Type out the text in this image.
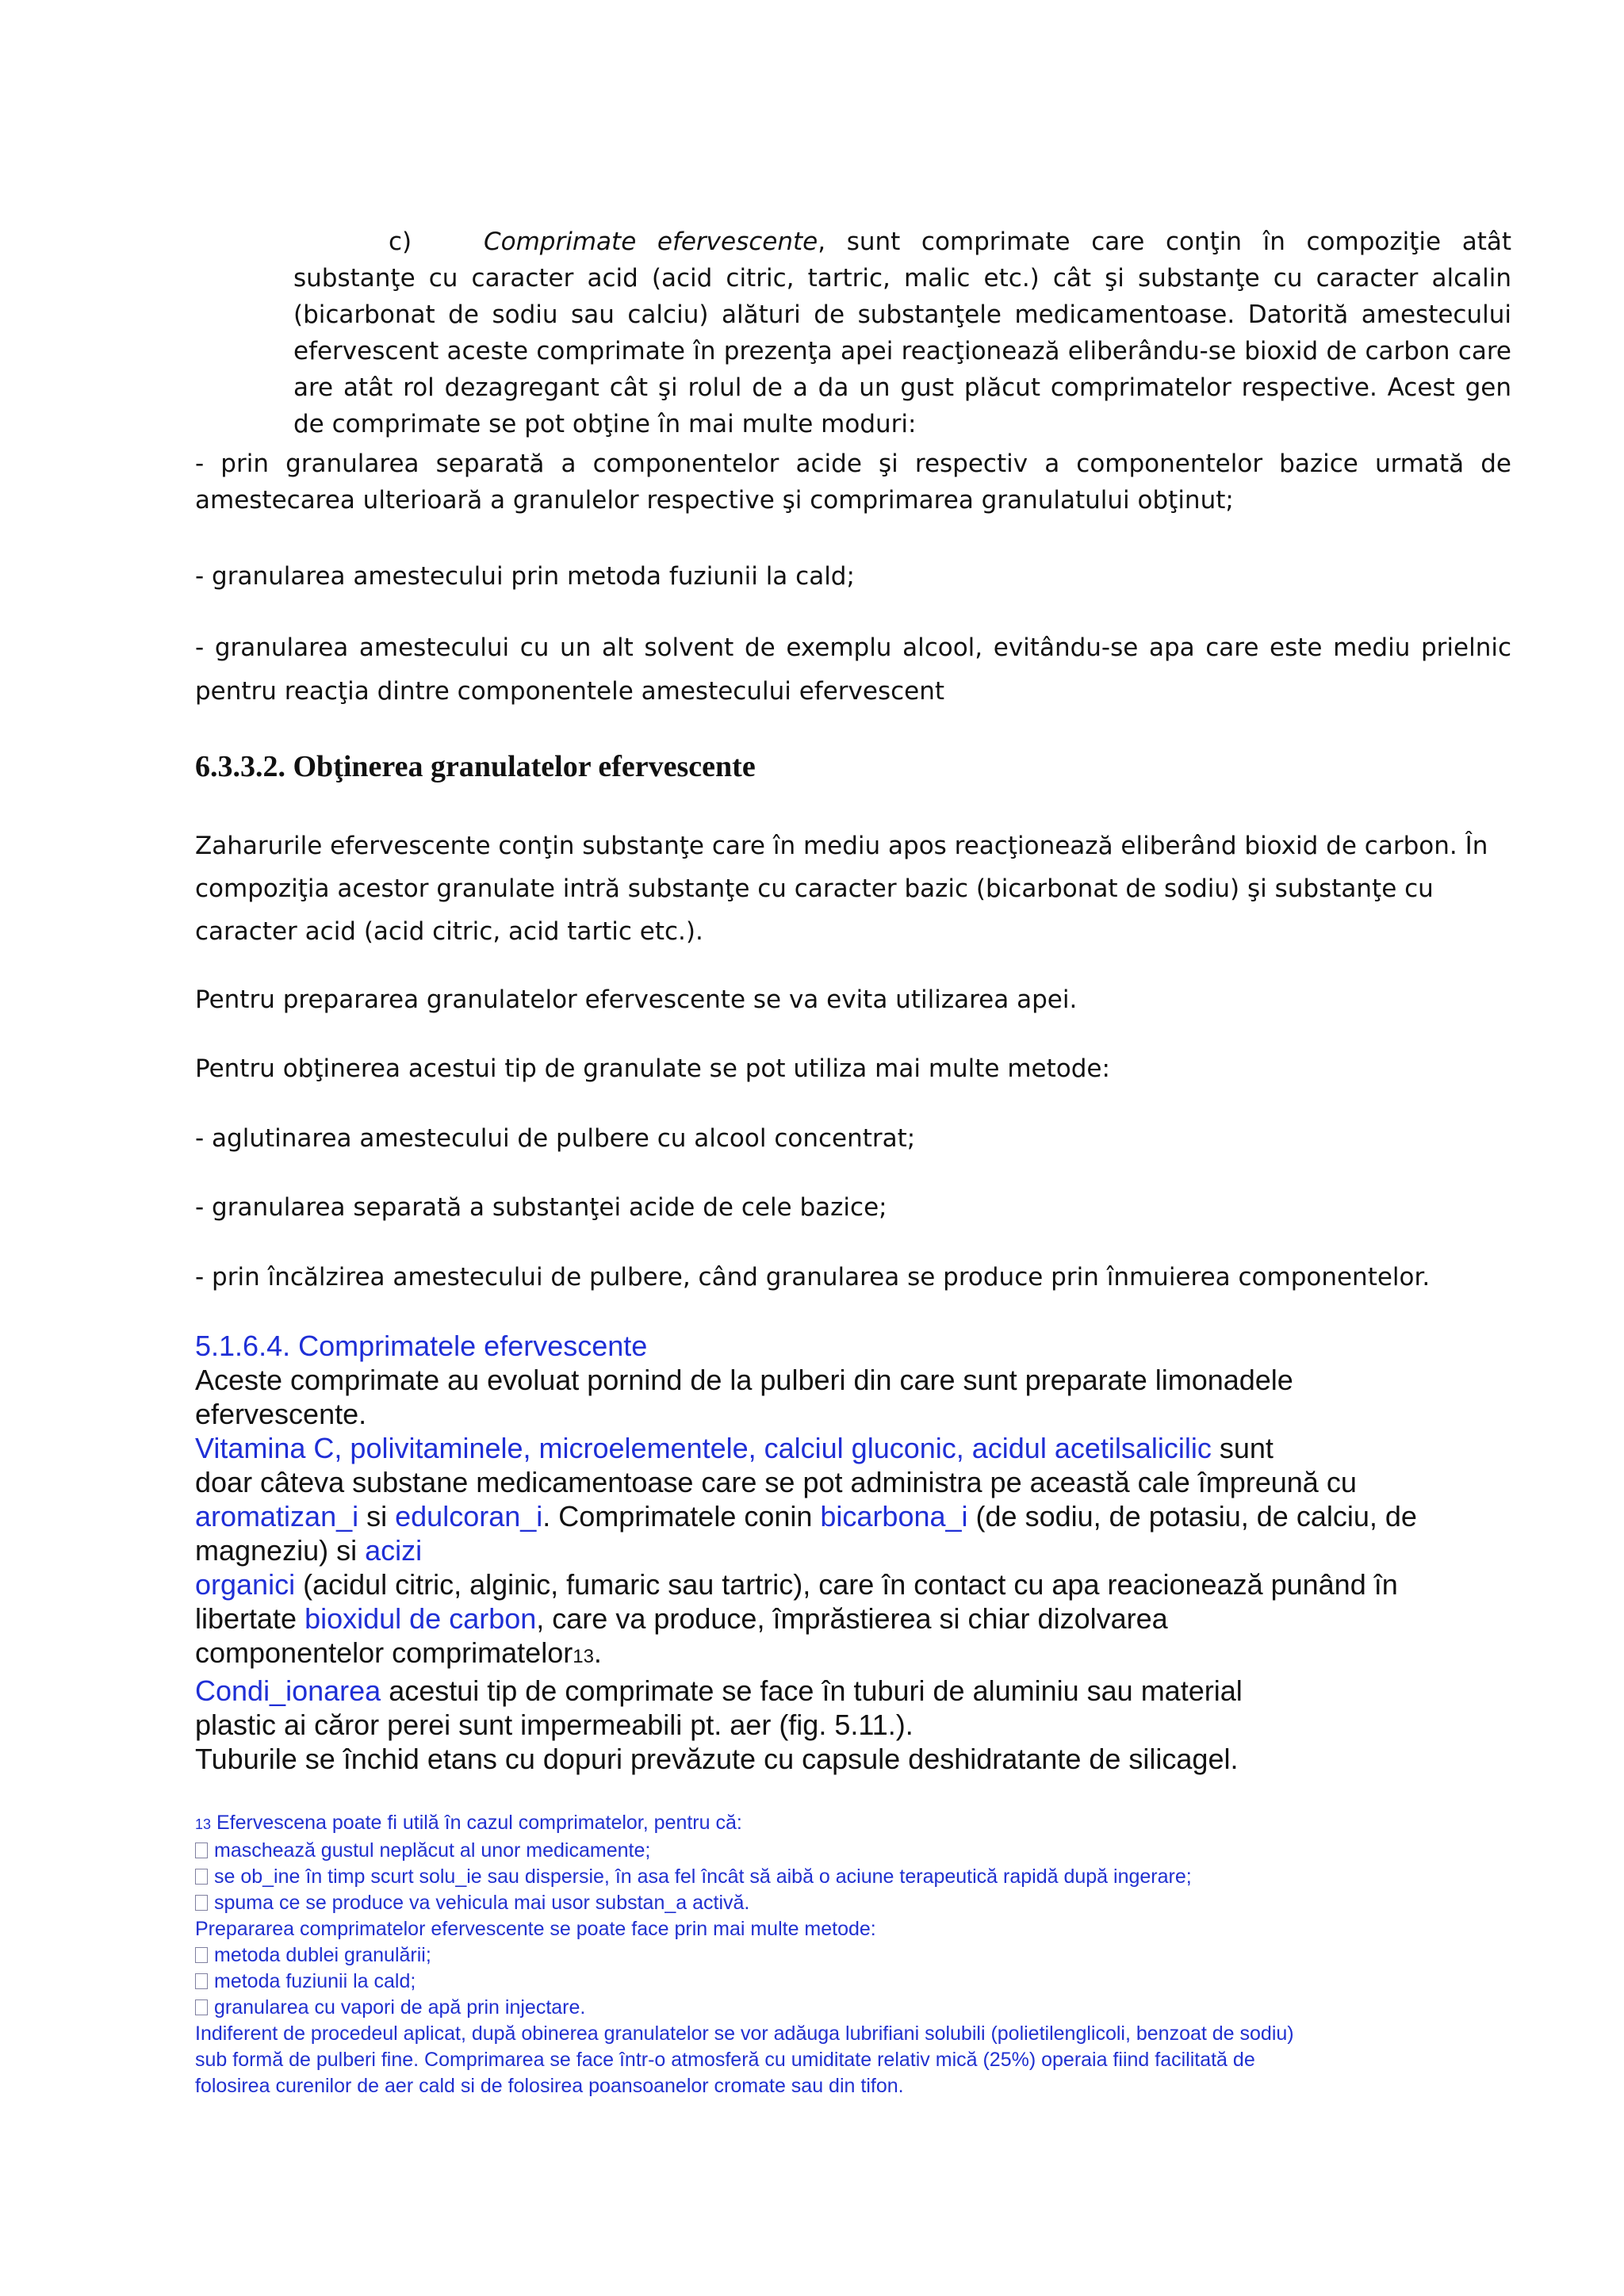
c)	Comprimate efervescente, sunt comprimate care conţin în compoziţie atât substanţe cu caracter acid (acid citric, tartric, malic etc.) cât şi substanţe cu caracter alcalin (bicarbonat de sodiu sau calciu) alături de substanţele medicamentoase. Datorită amestecului efervescent aceste comprimate în prezenţa apei reacţionează eliberându-se bioxid de carbon care are atât rol dezagregant cât şi rolul de a da un gust plăcut comprimatelor respective. Acest gen de comprimate se pot obţine în mai multe moduri:
- prin granularea separată a componentelor acide şi respectiv a componentelor bazice urmată de amestecarea ulterioară a granulelor respective şi comprimarea granulatului obţinut;
- granularea amestecului prin metoda fuziunii la cald;
- granularea amestecului cu un alt solvent de exemplu alcool, evitându-se apa care este mediu prielnic pentru reacţia dintre componentele amestecului efervescent
6.3.3.2. Obţinerea granulatelor efervescente
Zaharurile efervescente conţin substanţe care în mediu apos reacţionează eliberând bioxid de carbon. În compoziţia acestor granulate intră substanţe cu caracter bazic (bicarbonat de sodiu) şi substanţe cu caracter acid (acid citric, acid tartic etc.).
Pentru prepararea granulatelor efervescente se va evita utilizarea apei.
Pentru obţinerea acestui tip de granulate se pot utiliza mai multe metode:
- aglutinarea amestecului de pulbere cu alcool concentrat;
- granularea separată a substanţei acide de cele bazice;
- prin încălzirea amestecului de pulbere, când granularea se produce prin înmuierea componentelor.
5.1.6.4. Comprimatele efervescente
Aceste comprimate au evoluat pornind de la pulberi din care sunt preparate limonadele
efervescente.
Vitamina C, polivitaminele, microelementele, calciul gluconic, acidul acetilsalicilic sunt
doar câteva substane medicamentoase care se pot administra pe această cale împreună cu
aromatizan_i si edulcoran_i. Comprimatele conin bicarbona_i (de sodiu, de potasiu, de calciu, de
magneziu) si acizi
organici (acidul citric, alginic, fumaric sau tartric), care în contact cu apa reacionează punând în
libertate bioxidul de carbon, care va produce, împrăstierea si chiar dizolvarea
componentelor comprimatelor13.
Condi_ionarea acestui tip de comprimate se face în tuburi de aluminiu sau material
plastic ai căror perei sunt impermeabili pt. aer (fig. 5.11.).
Tuburile se închid etans cu dopuri prevăzute cu capsule deshidratante de silicagel.
13 Efervescena poate fi utilă în cazul comprimatelor, pentru că:
maschează gustul neplăcut al unor medicamente;
se ob_ine în timp scurt solu_ie sau dispersie, în asa fel încât să aibă o aciune terapeutică rapidă după ingerare;
spuma ce se produce va vehicula mai usor substan_a activă.
Prepararea comprimatelor efervescente se poate face prin mai multe metode:
metoda dublei granulării;
metoda fuziunii la cald;
granularea cu vapori de apă prin injectare.
Indiferent de procedeul aplicat, după obinerea granulatelor se vor adăuga lubrifiani solubili (polietilenglicoli, benzoat de sodiu)
sub formă de pulberi fine. Comprimarea se face într-o atmosferă cu umiditate relativ mică (25%) operaia fiind facilitată de
folosirea curenilor de aer cald si de folosirea poansoanelor cromate sau din tifon.
